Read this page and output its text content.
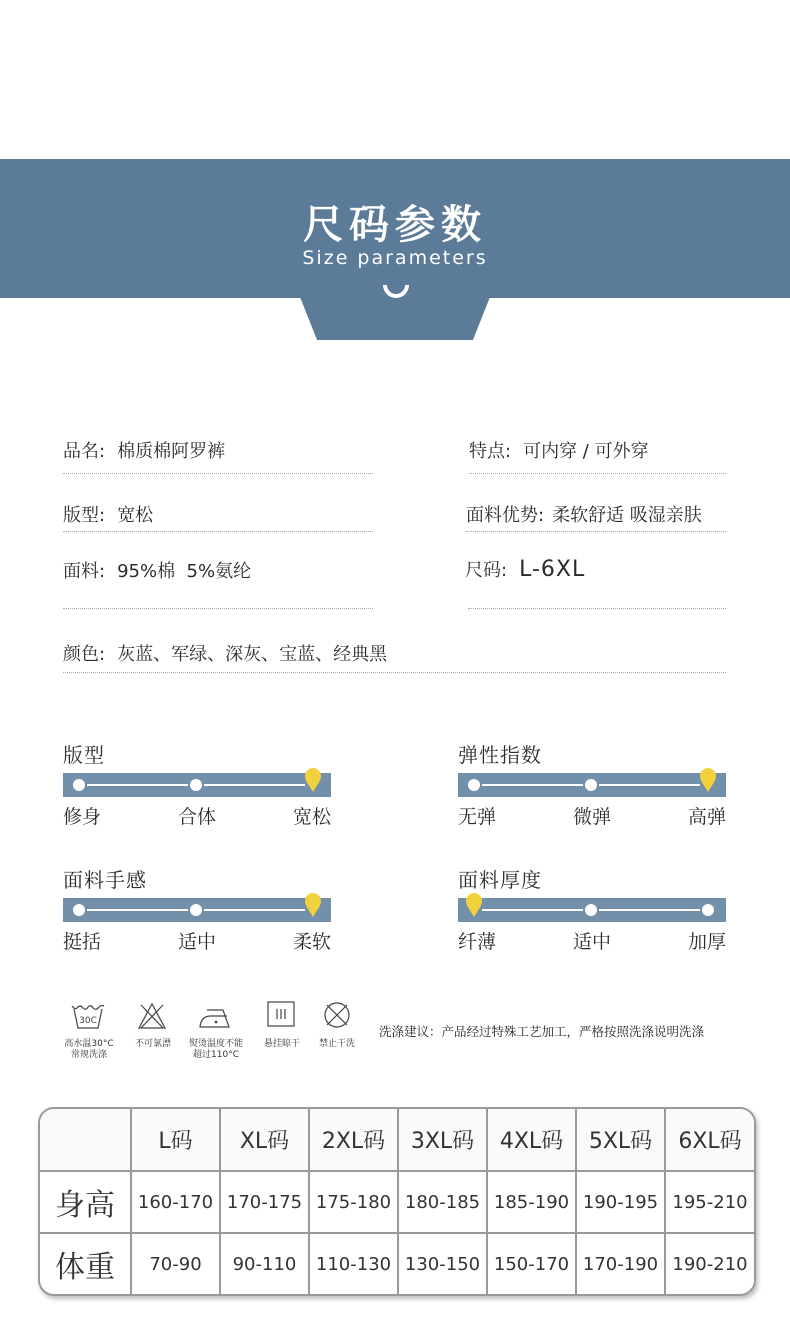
尺码参数
Size parameters
品名: 棉质棉阿罗裤	特点: 可内穿 / 可外穿
版型: 宽松	面料优势: 柔软舒适 吸湿亲肤
面料: 95%棉  5%氨纶	尺码: L-6XL
颜色: 灰蓝、军绿、深灰、宝蓝、经典黑
版型
修身	合体	宽松
弹性指数
无弹	微弹	高弹
面料手感
挺括	适中	柔软
面料厚度
纤薄	适中	加厚
30C
高水温30°C
常规洗涤
不可氯漂	熨烫温度不能
超过110°C
悬挂晾干	禁止干洗
洗涤建议：产品经过特殊工艺加工，严格按照洗涤说明洗涤
	L码	XL码	2XL码	3XL码	4XL码	5XL码	6XL码
身高	160-170	170-175	175-180	180-185	185-190	190-195	195-210
体重	70-90	90-110	110-130	130-150	150-170	170-190	190-210
